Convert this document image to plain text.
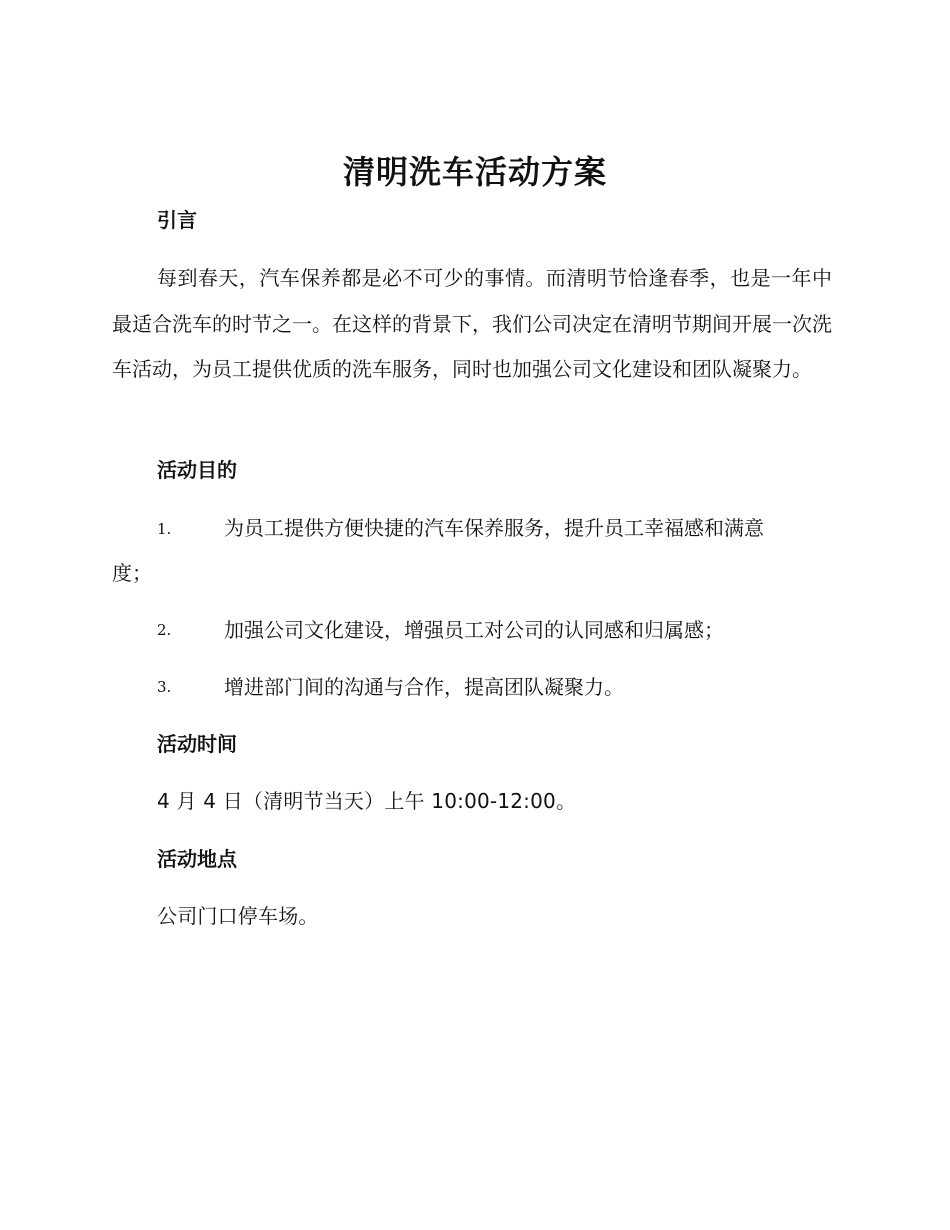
清明洗车活动方案
引言
每到春天，汽车保养都是必不可少的事情。而清明节恰逢春季，也是一年中最适合洗车的时节之一。在这样的背景下，我们公司决定在清明节期间开展一次洗车活动，为员工提供优质的洗车服务，同时也加强公司文化建设和团队凝聚力。
活动目的
1.	为员工提供方便快捷的汽车保养服务，提升员工幸福感和满意
度；
2.	加强公司文化建设，增强员工对公司的认同感和归属感；
3.	增进部门间的沟通与合作，提高团队凝聚力。
活动时间
4 月 4 日（清明节当天）上午 10:00-12:00。
活动地点
公司门口停车场。
